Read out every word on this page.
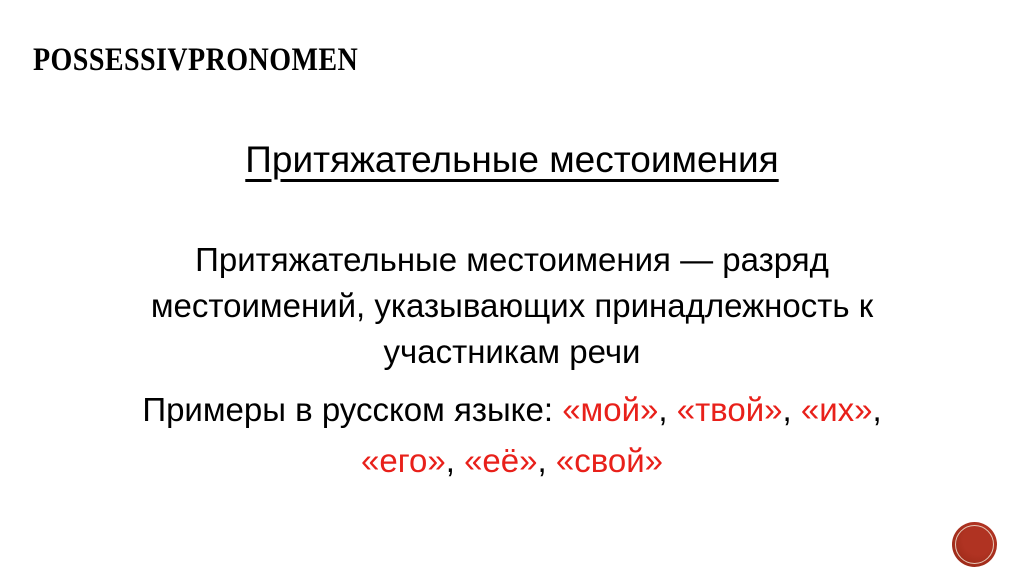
POSSESSIVPRONOMEN
Притяжательные местоимения
Притяжательные местоимения — разряд
местоимений, указывающих принадлежность к
участникам речи
Примеры в русском языке: «мой», «твой», «их»,
«его», «её», «свой»
